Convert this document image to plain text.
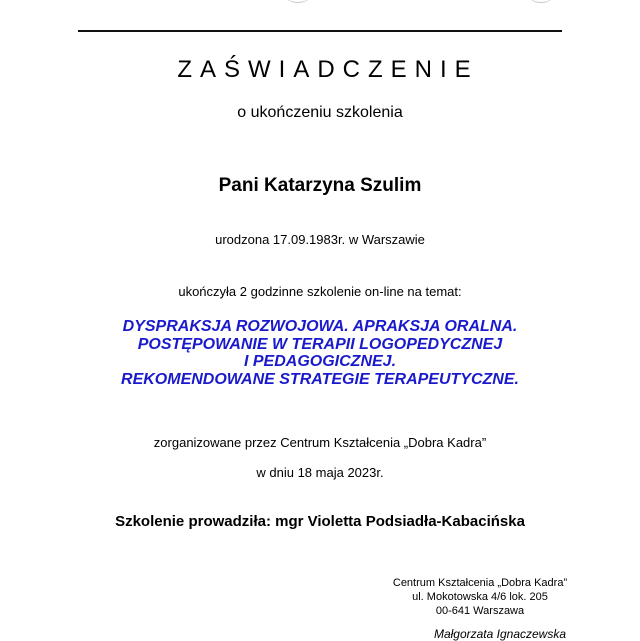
ZAŚWIADCZENIE
o ukończeniu szkolenia
Pani Katarzyna Szulim
urodzona 17.09.1983r. w Warszawie
ukończyła 2 godzinne szkolenie on-line na temat:
DYSPRAKSJA ROZWOJOWA. APRAKSJA ORALNA.
POSTĘPOWANIE W TERAPII LOGOPEDYCZNEJ
I PEDAGOGICZNEJ.
REKOMENDOWANE STRATEGIE TERAPEUTYCZNE.
zorganizowane przez Centrum Kształcenia „Dobra Kadra”
w dniu 18 maja 2023r.
Szkolenie prowadziła: mgr Violetta Podsiadła-Kabacińska
Centrum Kształcenia „Dobra Kadra”
ul. Mokotowska 4/6 lok. 205
00-641 Warszawa
Małgorzata Ignaczewska
